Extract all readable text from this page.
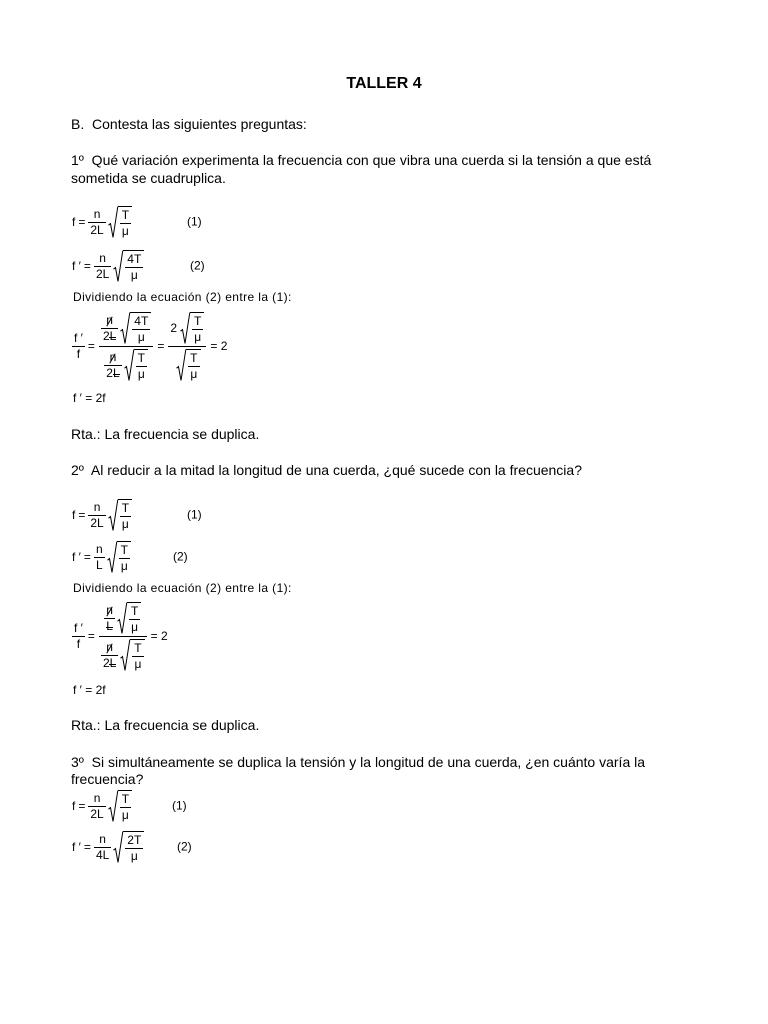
TALLER 4
B.  Contesta las siguientes preguntas:
1º  Qué variación experimenta la frecuencia con que vibra una cuerda si la tensión a que está
sometida se cuadruplica.
$f = \frac{n}{2L} \frac{T}{\mu}$	(1)
f ′ = $\frac{n}{2L} \frac{4T}{\mu}$	(2)
Dividiendo la ecuación (2) entre la (1):
$\frac{f '}{f}$ =
$\frac{n}{2L} \frac{4T}{\mu}$
$\frac{n}{2L} \frac{T}{\mu}$
=
$2 \frac{T}{\mu}$
$\frac{T}{\mu}$
= 2
f ′ = 2f
Rta.: La frecuencia se duplica.
2º  Al reducir a la mitad la longitud de una cuerda, ¿qué sucede con la frecuencia?
$f = \frac{n}{2L} \frac{T}{\mu}$	(1)
f ′ = $\frac{n}{L} \frac{T}{\mu}$	(2)
Dividiendo la ecuación (2) entre la (1):
$\frac{f '}{f}$ =
$\frac{n}{L} \frac{T}{\mu}$
$\frac{n}{2L} \frac{T}{\mu}$
= 2
f ′ = 2f
Rta.: La frecuencia se duplica.
3º  Si simultáneamente se duplica la tensión y la longitud de una cuerda, ¿en cuánto varía la
frecuencia?
$f = \frac{n}{2L} \frac{T}{\mu}$	(1)
f ′ = $\frac{n}{4L} \frac{2T}{\mu}$	(2)
